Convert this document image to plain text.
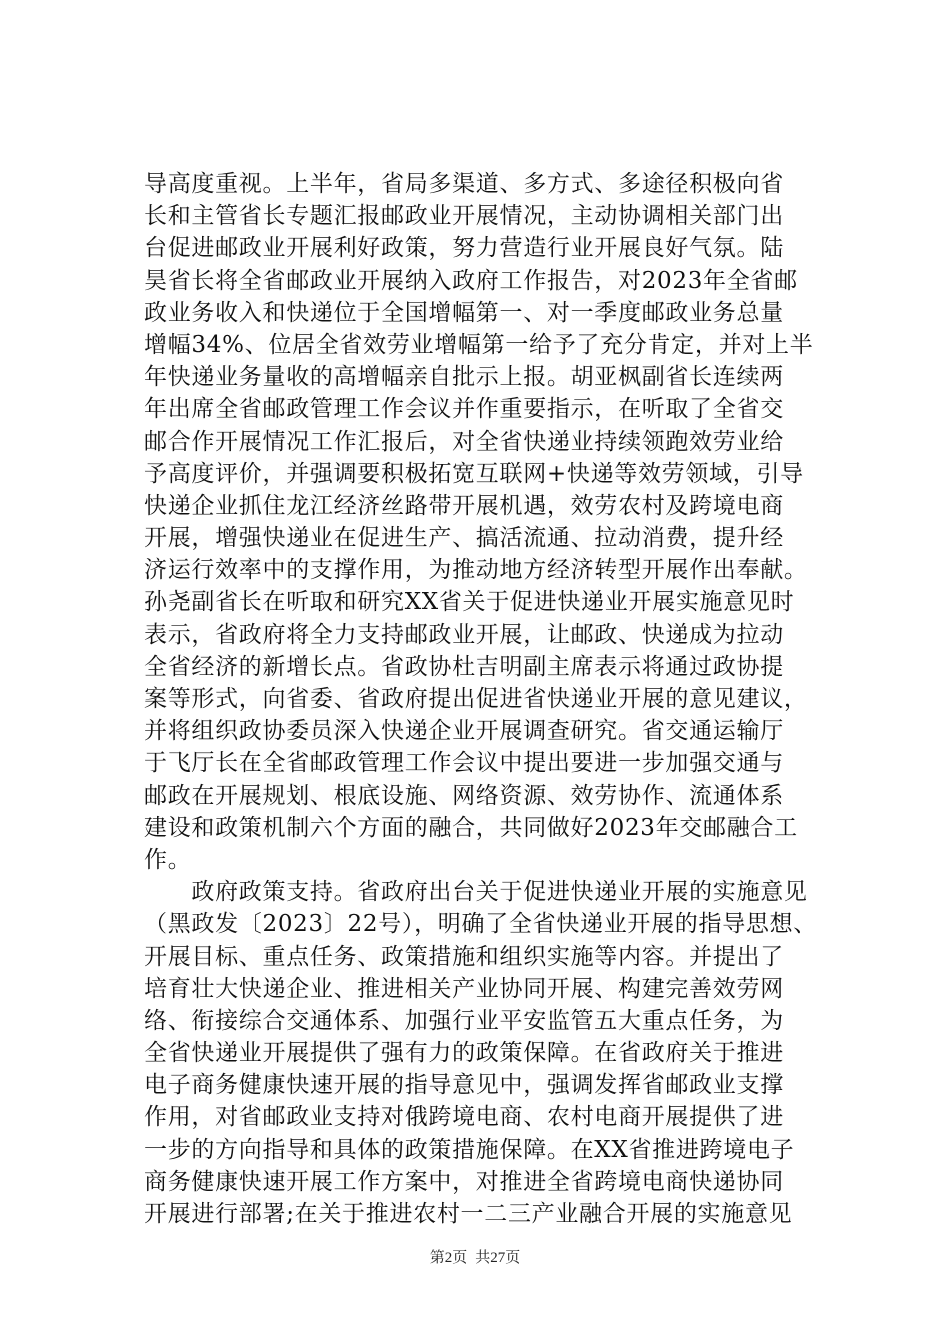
导高度重视。上半年，省局多渠道、多方式、多途径积极向省
长和主管省长专题汇报邮政业开展情况，主动协调相关部门出
台促进邮政业开展利好政策，努力营造行业开展良好气氛。陆
昊省长将全省邮政业开展纳入政府工作报告，对2023年全省邮
政业务收入和快递位于全国增幅第一、对一季度邮政业务总量
增幅34%、位居全省效劳业增幅第一给予了充分肯定，并对上半
年快递业务量收的高增幅亲自批示上报。胡亚枫副省长连续两
年出席全省邮政管理工作会议并作重要指示，在听取了全省交
邮合作开展情况工作汇报后，对全省快递业持续领跑效劳业给
予高度评价，并强调要积极拓宽互联网+快递等效劳领域，引导
快递企业抓住龙江经济丝路带开展机遇，效劳农村及跨境电商
开展，增强快递业在促进生产、搞活流通、拉动消费，提升经
济运行效率中的支撑作用，为推动地方经济转型开展作出奉献。
孙尧副省长在听取和研究XX省关于促进快递业开展实施意见时
表示，省政府将全力支持邮政业开展，让邮政、快递成为拉动
全省经济的新增长点。省政协杜吉明副主席表示将通过政协提
案等形式，向省委、省政府提出促进省快递业开展的意见建议，
并将组织政协委员深入快递企业开展调查研究。省交通运输厅
于飞厅长在全省邮政管理工作会议中提出要进一步加强交通与
邮政在开展规划、根底设施、网络资源、效劳协作、流通体系
建设和政策机制六个方面的融合，共同做好2023年交邮融合工
作。
　　政府政策支持。省政府出台关于促进快递业开展的实施意见
（黑政发〔2023〕22号），明确了全省快递业开展的指导思想、
开展目标、重点任务、政策措施和组织实施等内容。并提出了
培育壮大快递企业、推进相关产业协同开展、构建完善效劳网
络、衔接综合交通体系、加强行业平安监管五大重点任务，为
全省快递业开展提供了强有力的政策保障。在省政府关于推进
电子商务健康快速开展的指导意见中，强调发挥省邮政业支撑
作用，对省邮政业支持对俄跨境电商、农村电商开展提供了进
一步的方向指导和具体的政策措施保障。在XX省推进跨境电子
商务健康快速开展工作方案中，对推进全省跨境电商快递协同
开展进行部署;在关于推进农村一二三产业融合开展的实施意见
第2页 共27页
